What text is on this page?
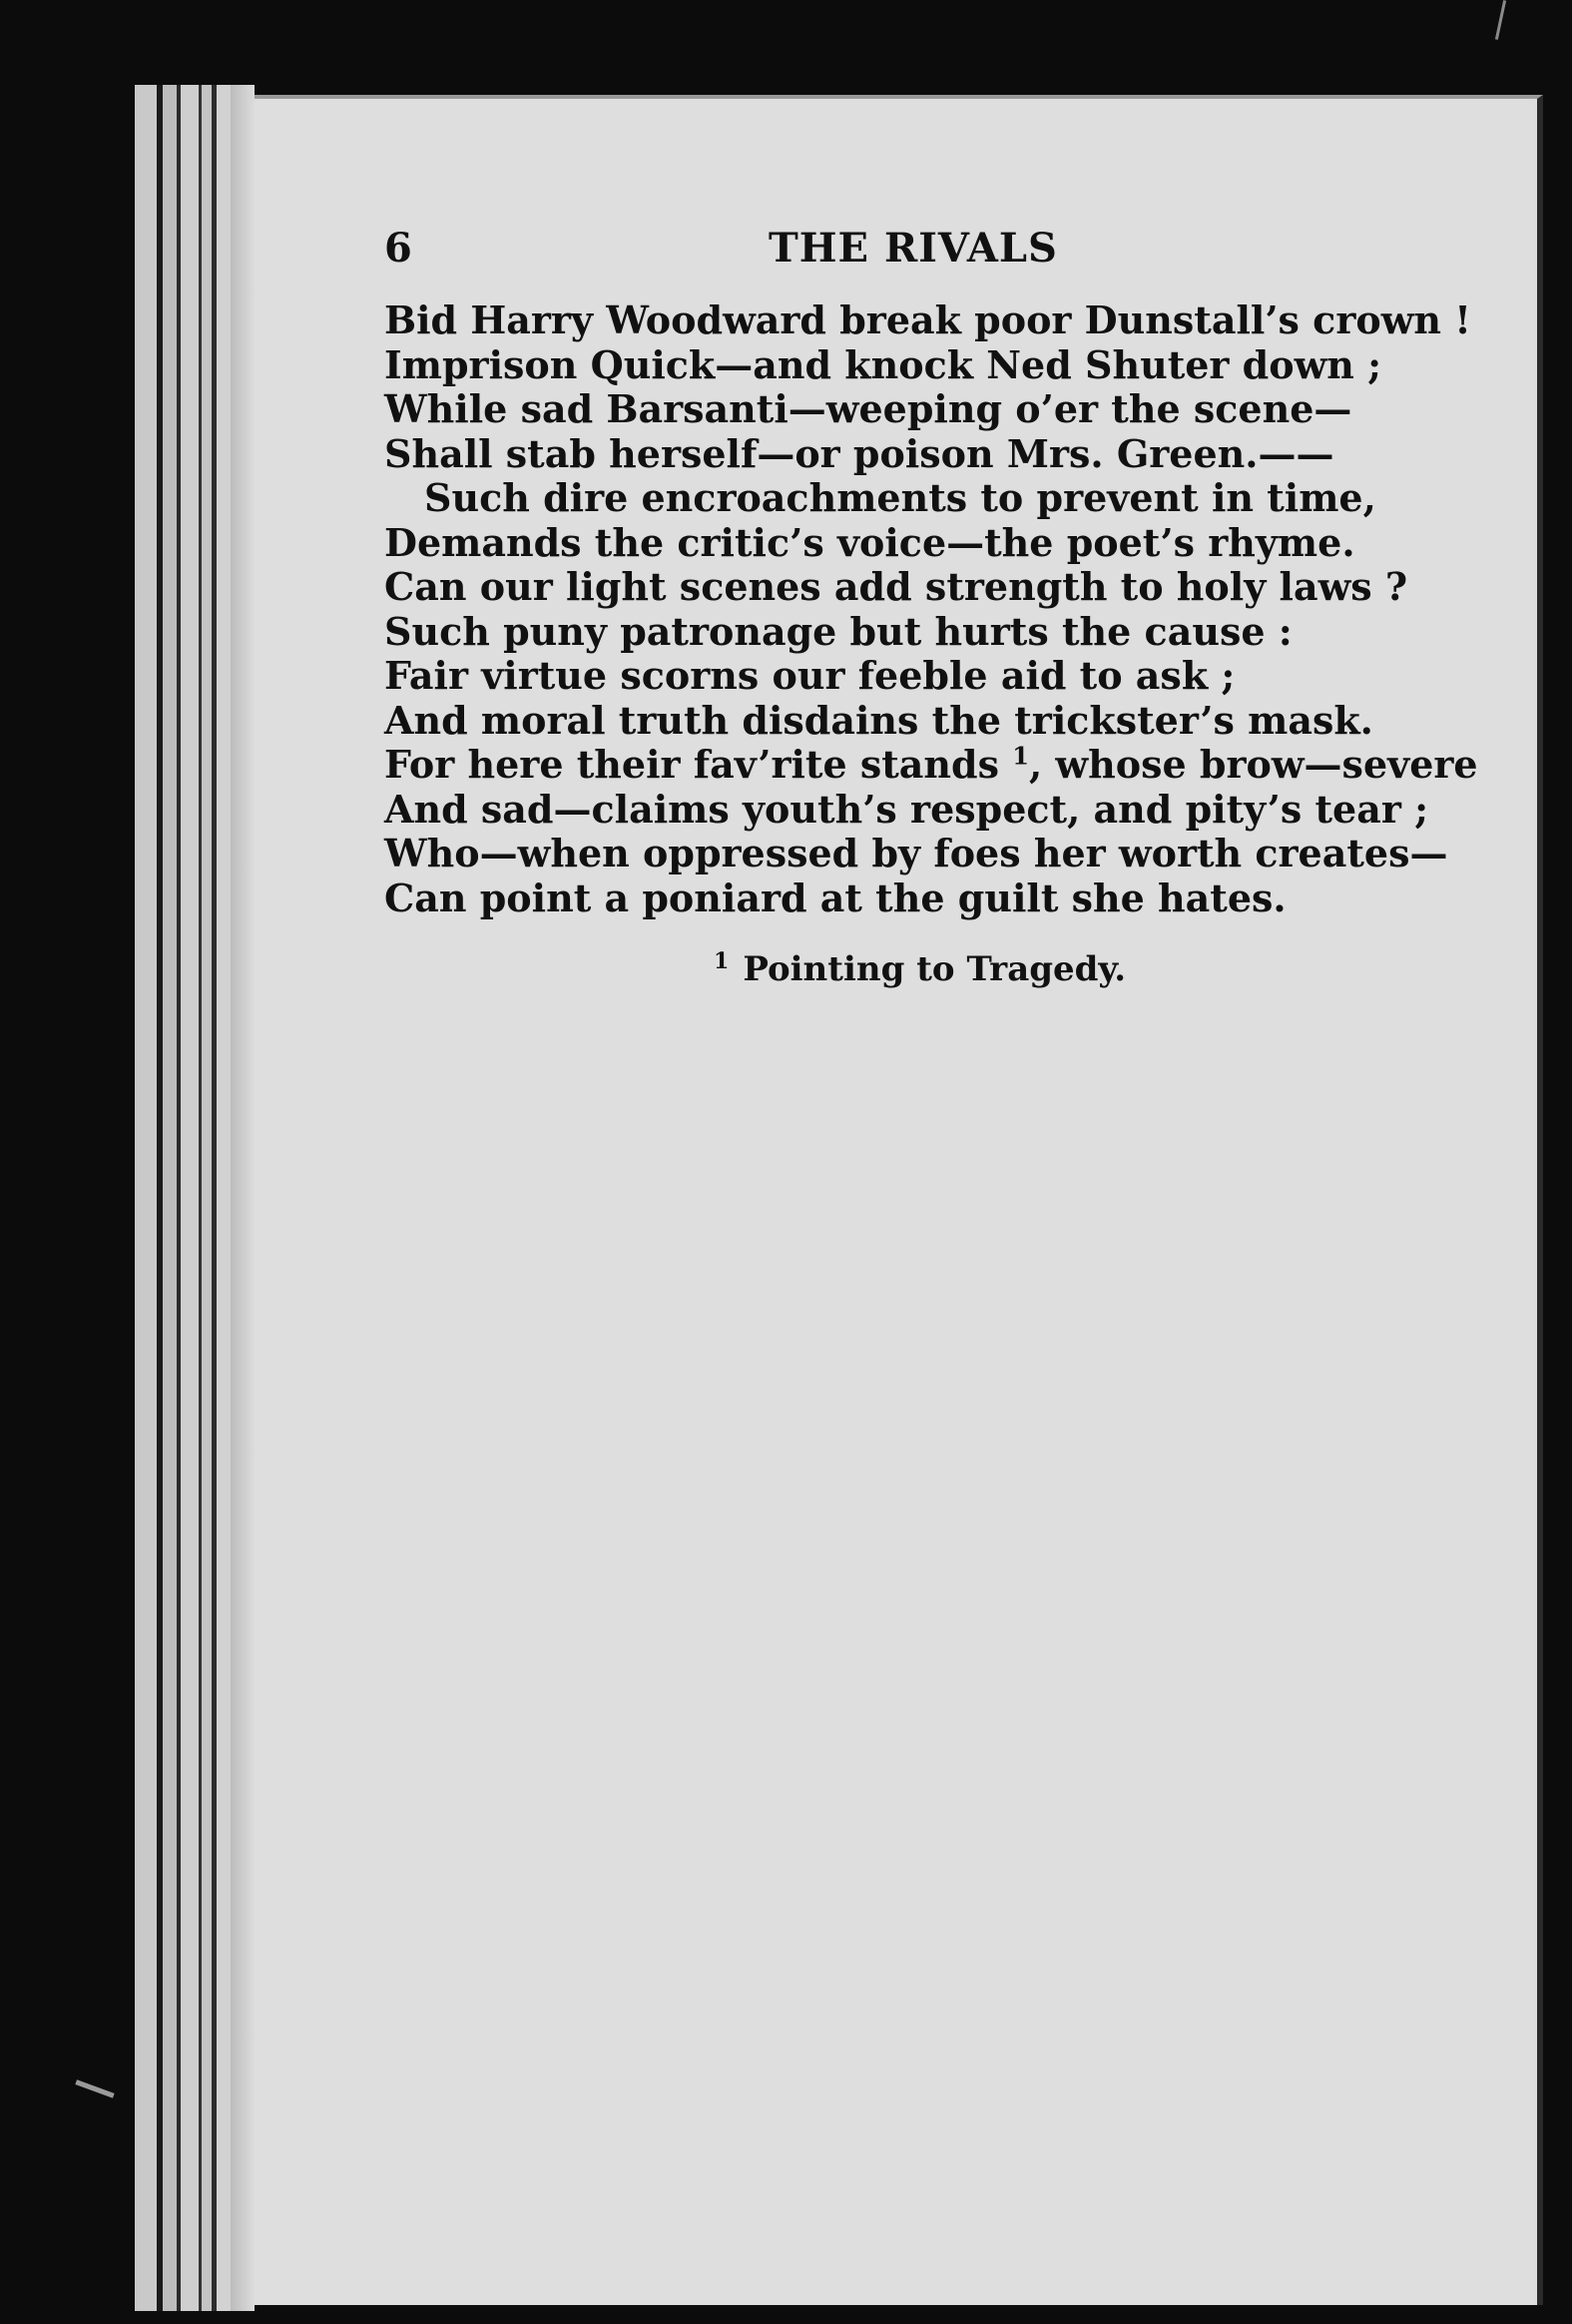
6	THE RIVALS
Bid Harry Woodward break poor Dunstall’s crown !
Imprison Quick—and knock Ned Shuter down ;
While sad Barsanti—weeping o’er the scene—
Shall stab herself—or poison Mrs. Green.——
Such dire encroachments to prevent in time,
Demands the critic’s voice—the poet’s rhyme.
Can our light scenes add strength to holy laws ?
Such puny patronage but hurts the cause :
Fair virtue scorns our feeble aid to ask ;
And moral truth disdains the trickster’s mask.
For here their fav’rite stands $^1$, whose brow—severe
And sad—claims youth’s respect, and pity’s tear ;
Who—when oppressed by foes her worth creates—
Can point a poniard at the guilt she hates.
$^1$ Pointing to Tragedy.
